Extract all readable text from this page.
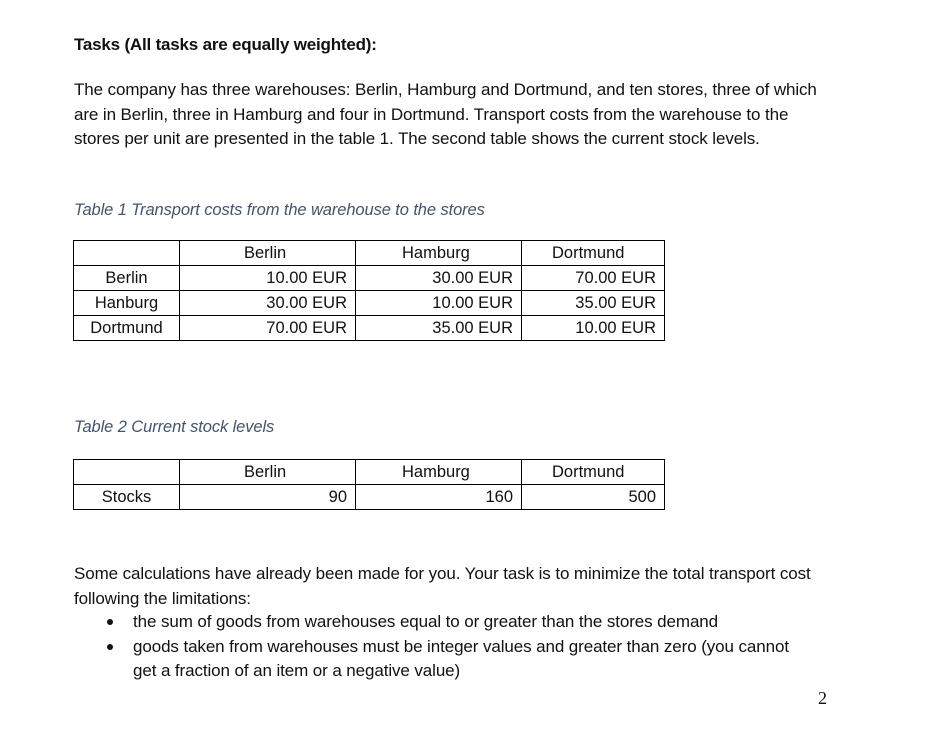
Tasks (All tasks are equally weighted):
The company has three warehouses: Berlin, Hamburg and Dortmund, and ten stores, three of which are in Berlin, three in Hamburg and four in Dortmund. Transport costs from the warehouse to the stores per unit are presented in the table 1. The second table shows the current stock levels.
Table 1 Transport costs from the warehouse to the stores
	Berlin	Hamburg	Dortmund
Berlin	10.00 EUR	30.00 EUR	70.00 EUR
Hanburg	30.00 EUR	10.00 EUR	35.00 EUR
Dortmund	70.00 EUR	35.00 EUR	10.00 EUR
Table 2 Current stock levels
	Berlin	Hamburg	Dortmund
Stocks	90	160	500
Some calculations have already been made for you. Your task is to minimize the total transport cost following the limitations:
the sum of goods from warehouses equal to or greater than the stores demand
goods taken from warehouses must be integer values and greater than zero (you cannot get a fraction of an item or a negative value)
2
